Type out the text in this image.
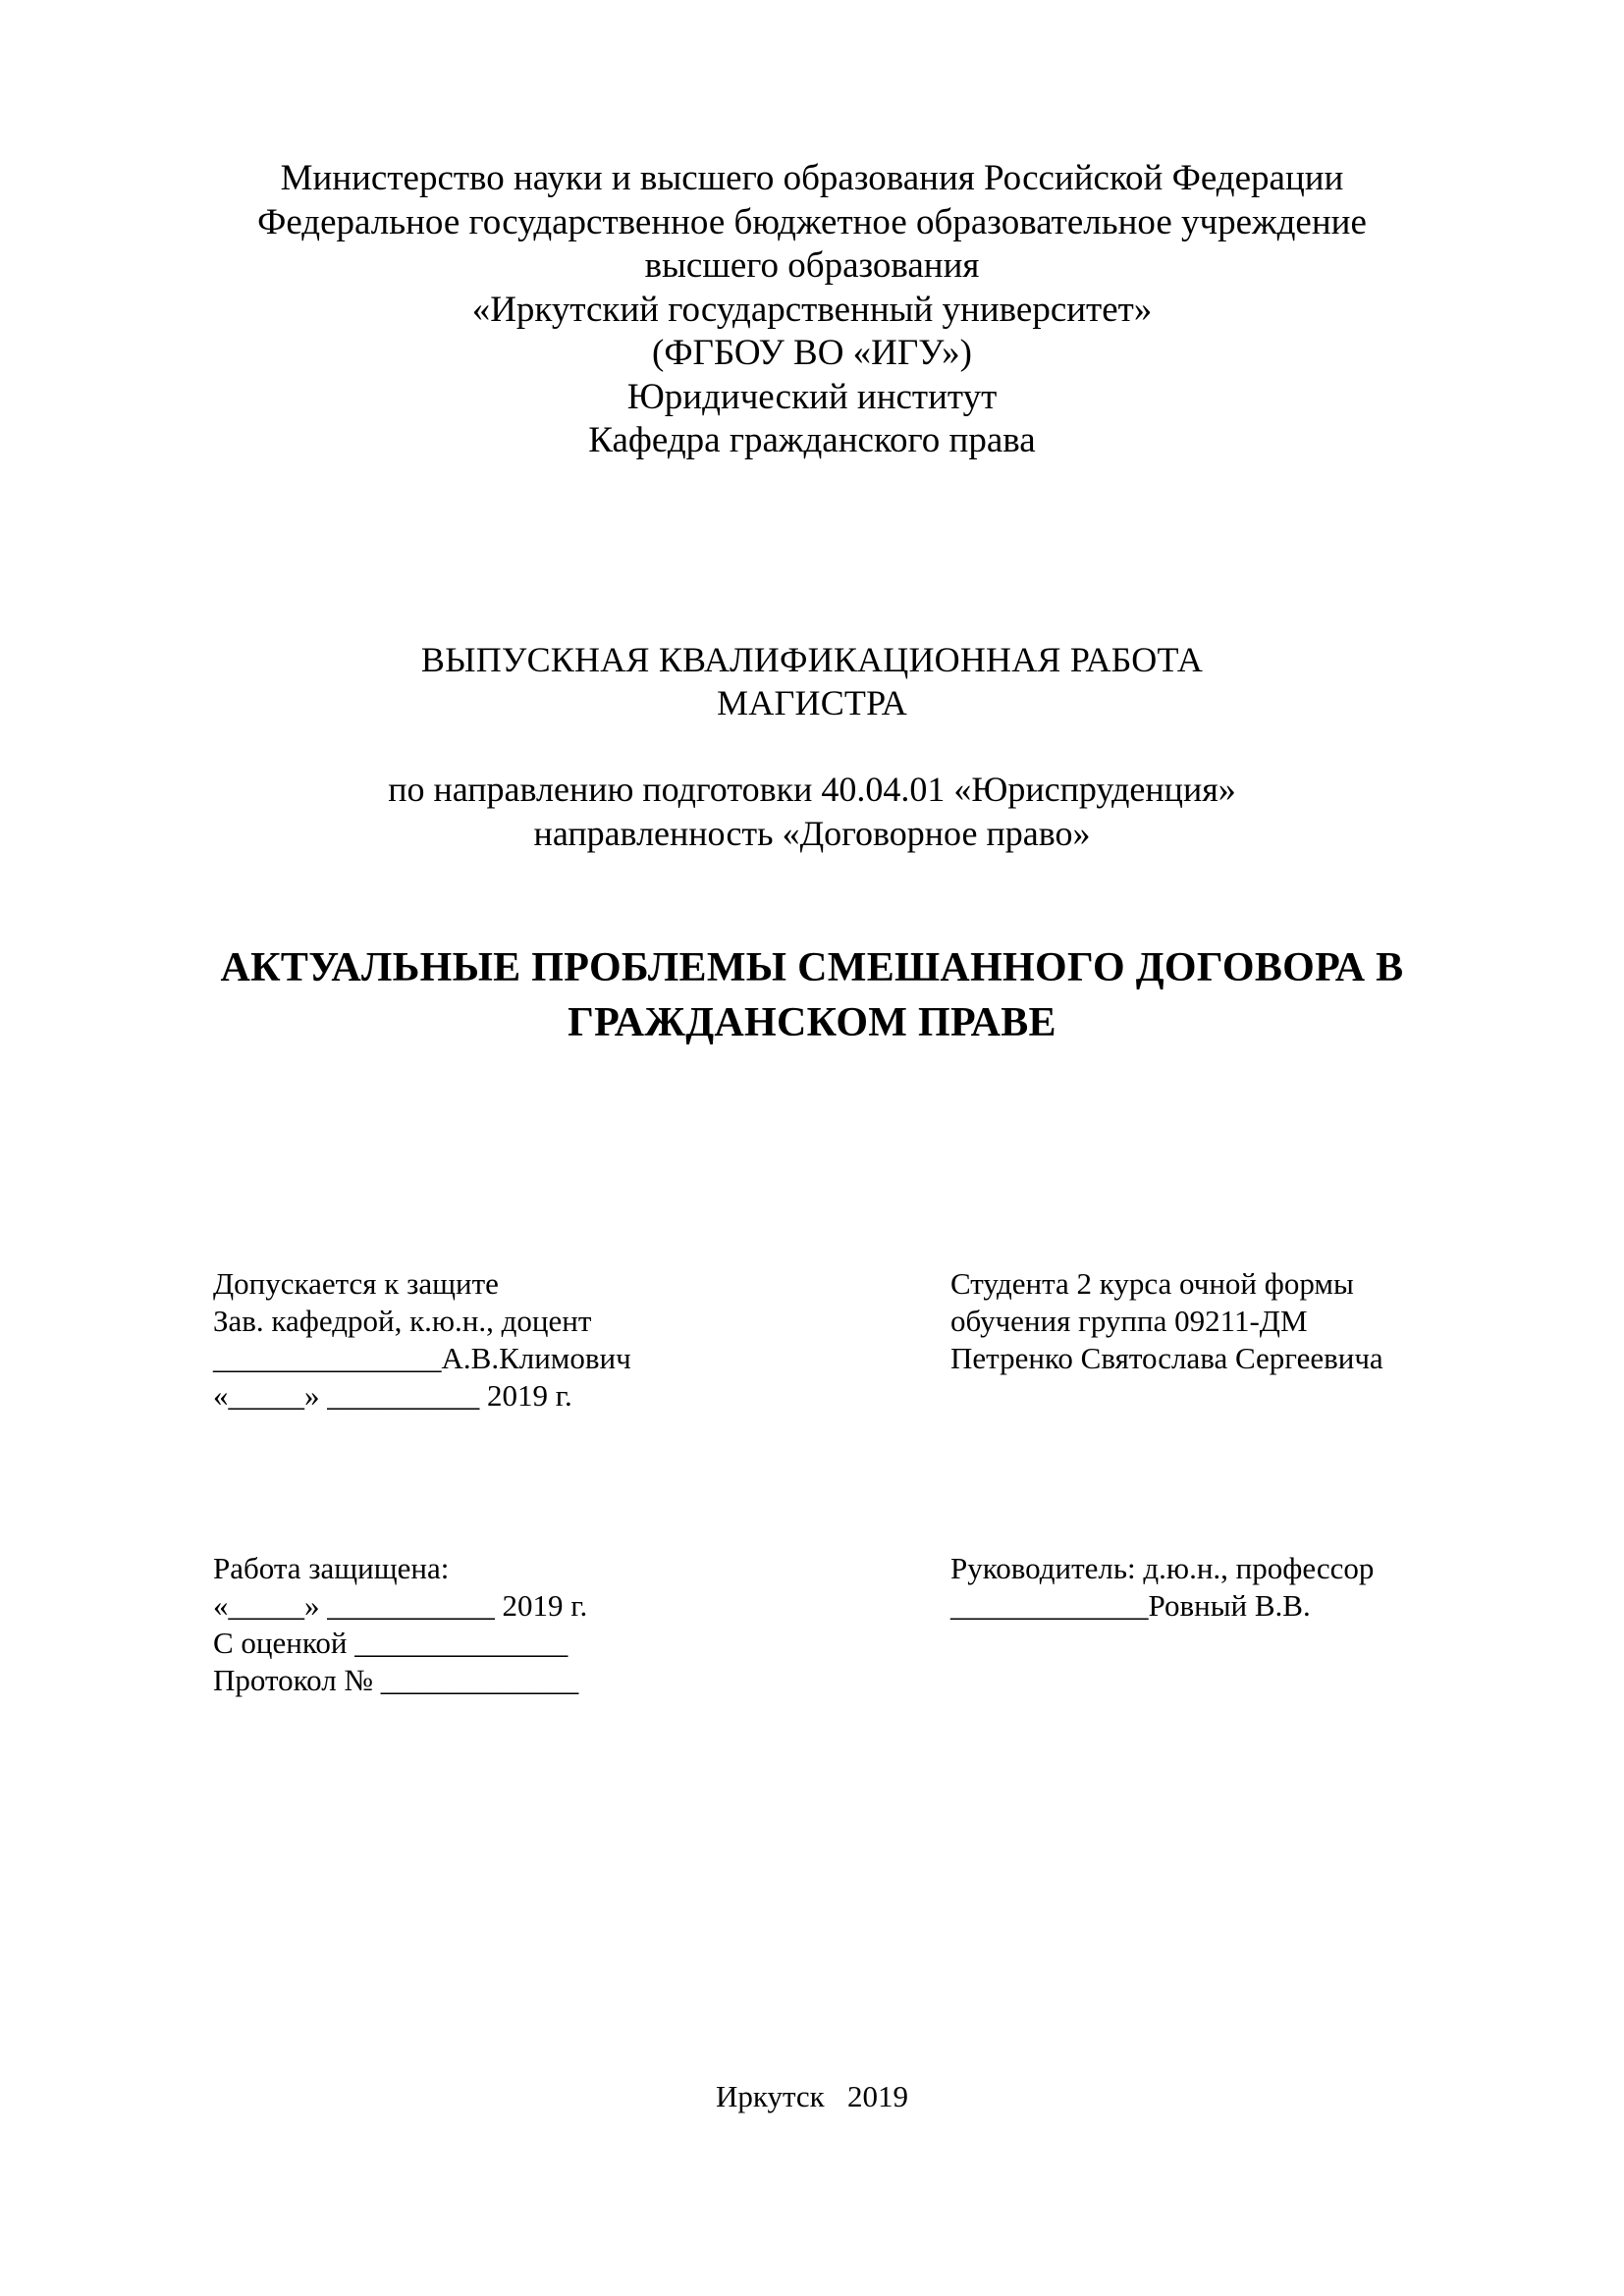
Министерство науки и высшего образования Российской Федерации
Федеральное государственное бюджетное образовательное учреждение
высшего образования
«Иркутский государственный университет»
(ФГБОУ ВО «ИГУ»)
Юридический институт
Кафедра гражданского права
ВЫПУСКНАЯ КВАЛИФИКАЦИОННАЯ РАБОТА
МАГИСТРА
по направлению подготовки 40.04.01 «Юриспруденция»
направленность «Договорное право»
АКТУАЛЬНЫЕ ПРОБЛЕМЫ СМЕШАННОГО ДОГОВОРА В
ГРАЖДАНСКОМ ПРАВЕ
Допускается к защите
Зав. кафедрой, к.ю.н., доцент
_______________А.В.Климович
«_____» __________ 2019 г.
Студента 2 курса очной формы
обучения группа 09211-ДМ
Петренко Святослава Сергеевича
Работа защищена:
«_____» ___________ 2019 г.
С оценкой ______________
Протокол № _____________
Руководитель: д.ю.н., профессор
_____________Ровный В.В.
Иркутск   2019
